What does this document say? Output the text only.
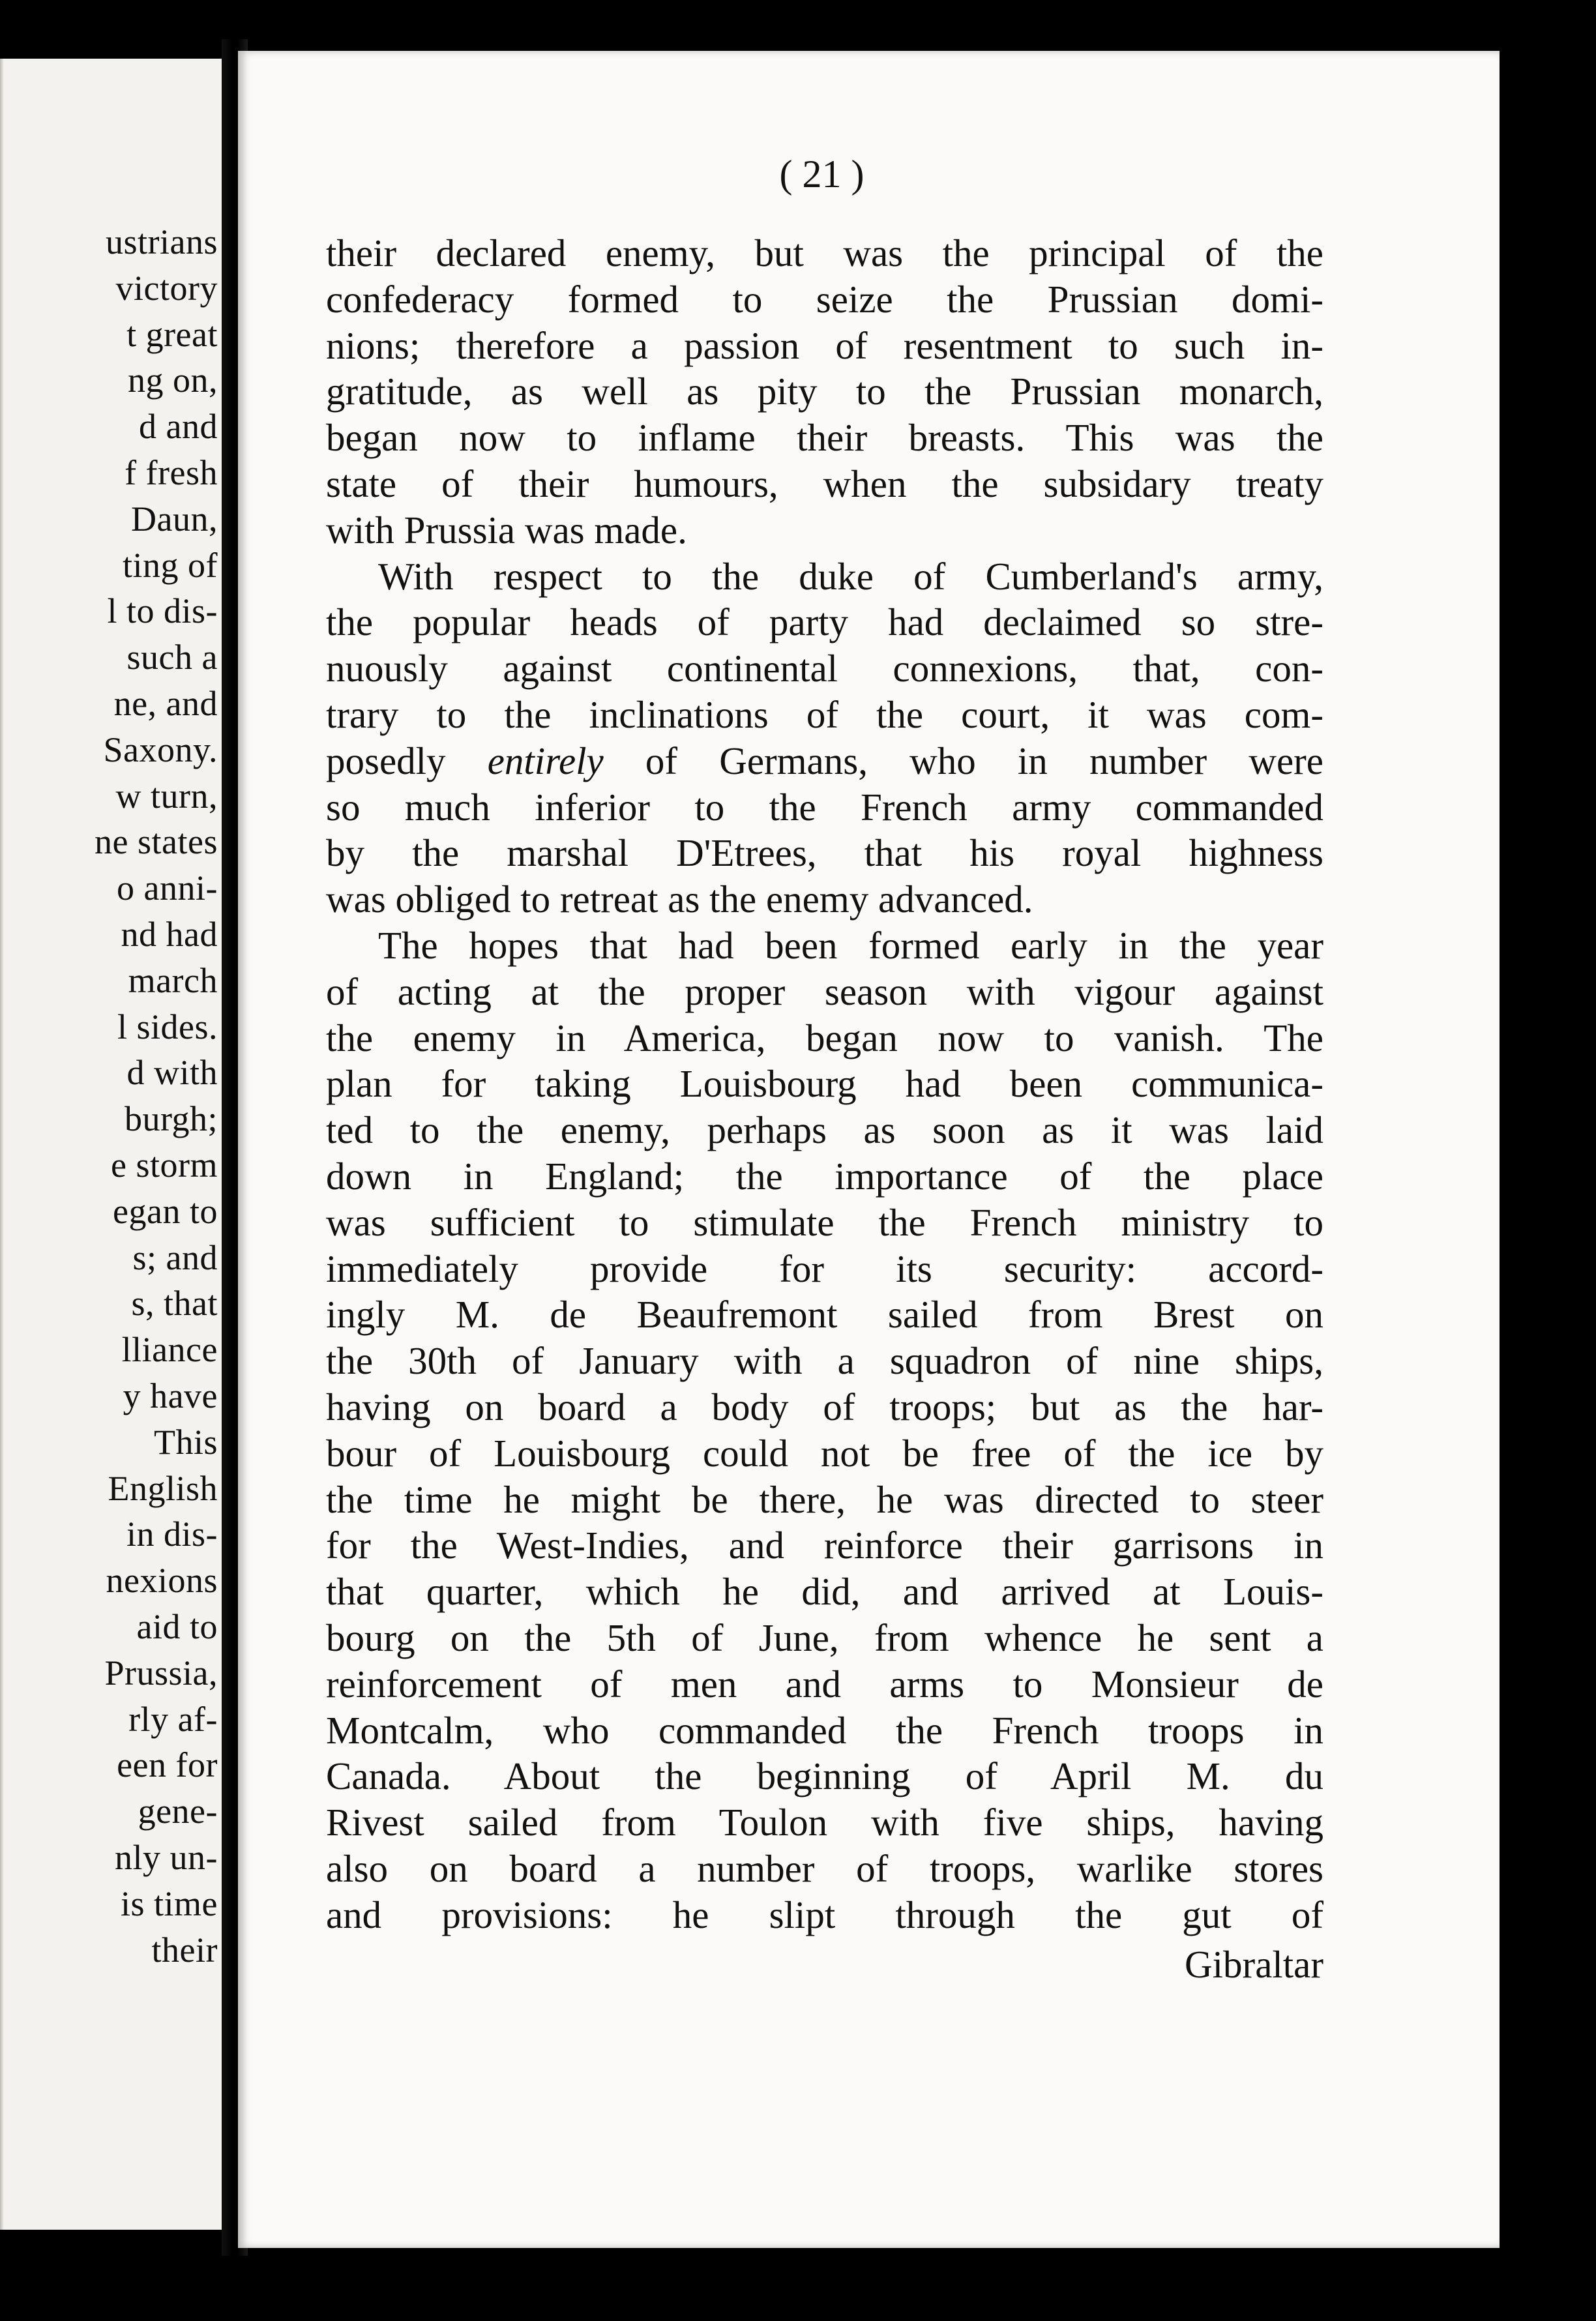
ustrians
victory
t great
ng on,
d and
f fresh
Daun,
ting of
l to dis-
such a
ne, and
Saxony.
w turn,
ne states
o anni-
nd had
march
l sides.
d with
burgh;
e storm
egan to
s; and
s, that
lliance
y have
This
English
in dis-
nexions
aid to
Prussia,
rly af-
een for
gene-
nly un-
is time
their
( 21 )
their declared enemy, but was the principal of the
confederacy formed to seize the Prussian domi-
nions; therefore a passion of resentment to such in-
gratitude, as well as pity to the Prussian monarch,
began now to inflame their breasts. This was the
state of their humours, when the subsidary treaty
with Prussia was made.
With respect to the duke of Cumberland's army,
the popular heads of party had declaimed so stre-
nuously against continental connexions, that, con-
trary to the inclinations of the court, it was com-
posedly entirely of Germans, who in number were
so much inferior to the French army commanded
by the marshal D'Etrees, that his royal highness
was obliged to retreat as the enemy advanced.
The hopes that had been formed early in the year
of acting at the proper season with vigour against
the enemy in America, began now to vanish. The
plan for taking Louisbourg had been communica-
ted to the enemy, perhaps as soon as it was laid
down in England; the importance of the place
was sufficient to stimulate the French ministry to
immediately provide for its security: accord-
ingly M. de Beaufremont sailed from Brest on
the 30th of January with a squadron of nine ships,
having on board a body of troops; but as the har-
bour of Louisbourg could not be free of the ice by
the time he might be there, he was directed to steer
for the West-Indies, and reinforce their garrisons in
that quarter, which he did, and arrived at Louis-
bourg on the 5th of June, from whence he sent a
reinforcement of men and arms to Monsieur de
Montcalm, who commanded the French troops in
Canada. About the beginning of April M. du
Rivest sailed from Toulon with five ships, having
also on board a number of troops, warlike stores
and provisions: he slipt through the gut of
Gibraltar
